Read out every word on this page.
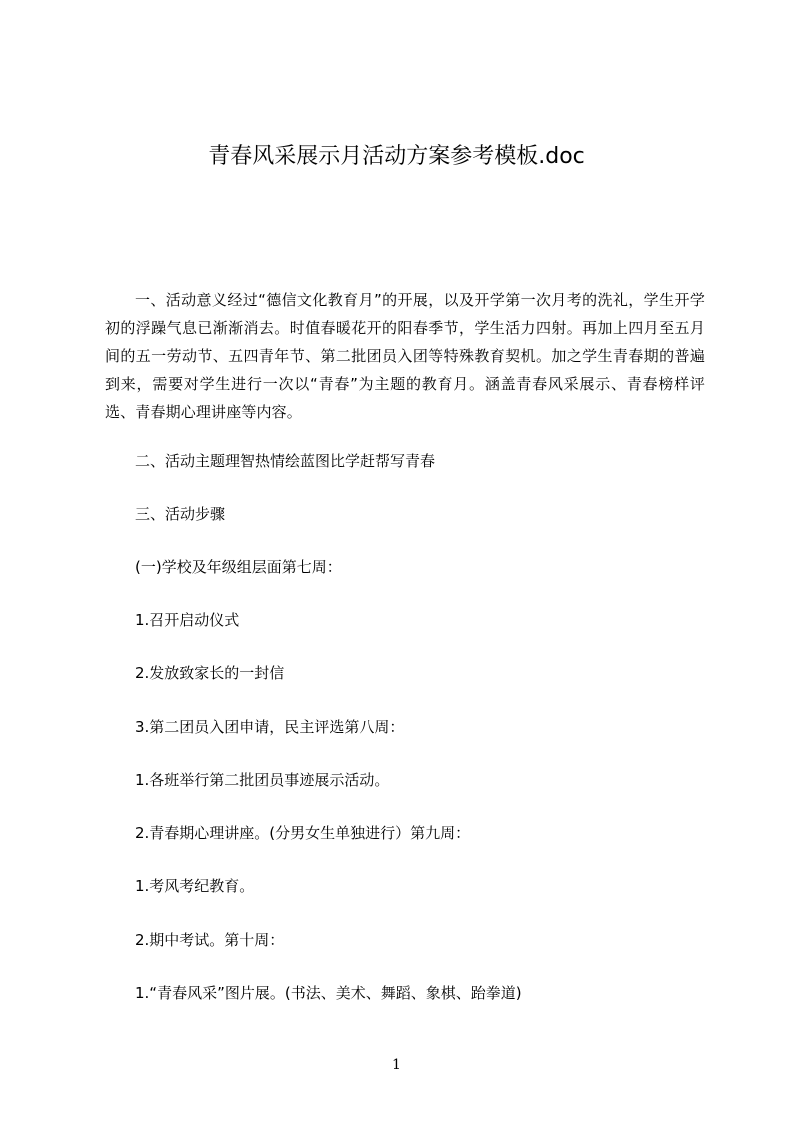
青春风采展示月活动方案参考模板.doc

一、活动意义经过“德信文化教育月”的开展，以及开学第一次月考的洗礼，学生开学初的浮躁气息已渐渐消去。时值春暖花开的阳春季节，学生活力四射。再加上四月至五月间的五一劳动节、五四青年节、第二批团员入团等特殊教育契机。加之学生青春期的普遍到来，需要对学生进行一次以“青春”为主题的教育月。涵盖青春风采展示、青春榜样评选、青春期心理讲座等内容。

二、活动主题理智热情绘蓝图比学赶帮写青春

三、活动步骤

(一)学校及年级组层面第七周：

1.召开启动仪式

2.发放致家长的一封信

3.第二团员入团申请，民主评选第八周：

1.各班举行第二批团员事迹展示活动。

2.青春期心理讲座。(分男女生单独进行）第九周：

1.考风考纪教育。

2.期中考试。第十周：

1.“青春风采”图片展。(书法、美术、舞蹈、象棋、跆拳道)

1
